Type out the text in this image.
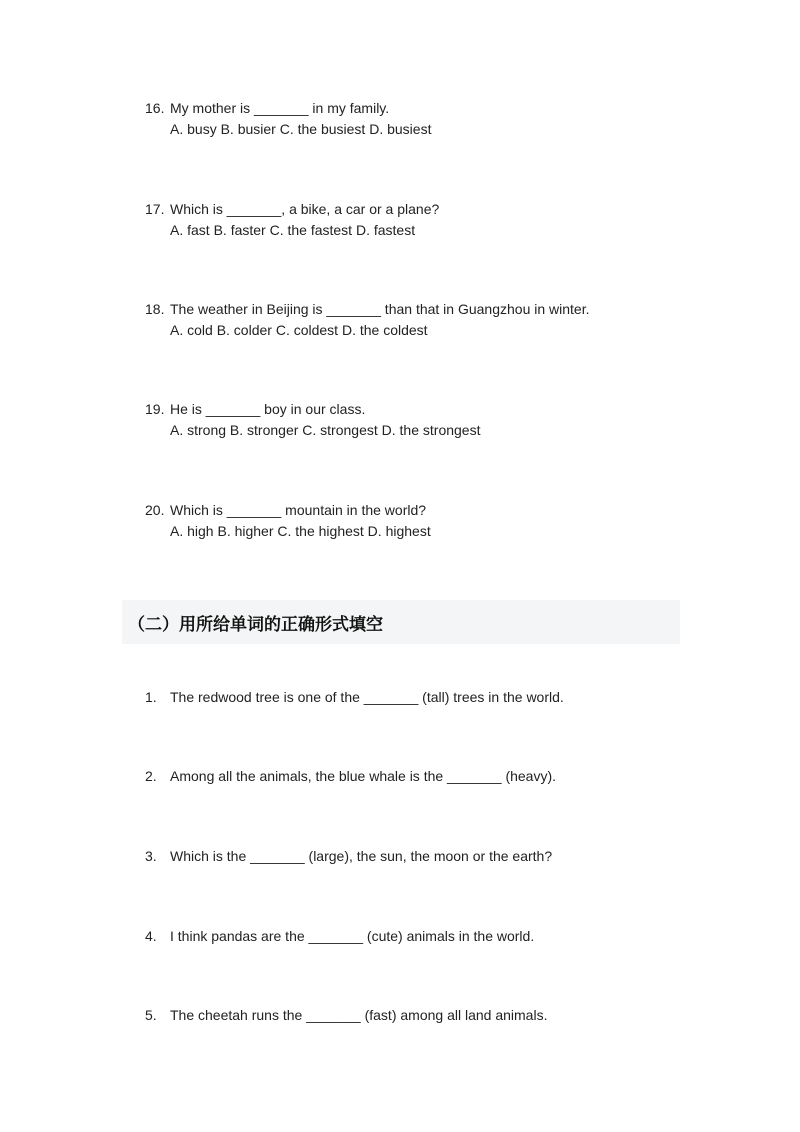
16. My mother is _______ in my family.
A. busy B. busier C. the busiest D. busiest
17. Which is _______, a bike, a car or a plane?
A. fast B. faster C. the fastest D. fastest
18. The weather in Beijing is _______ than that in Guangzhou in winter.
A. cold B. colder C. coldest D. the coldest
19. He is _______ boy in our class.
A. strong B. stronger C. strongest D. the strongest
20. Which is _______ mountain in the world?
A. high B. higher C. the highest D. highest
（二）用所给单词的正确形式填空
1. The redwood tree is one of the _______ (tall) trees in the world.
2. Among all the animals, the blue whale is the _______ (heavy).
3. Which is the _______ (large), the sun, the moon or the earth?
4. I think pandas are the _______ (cute) animals in the world.
5. The cheetah runs the _______ (fast) among all land animals.
